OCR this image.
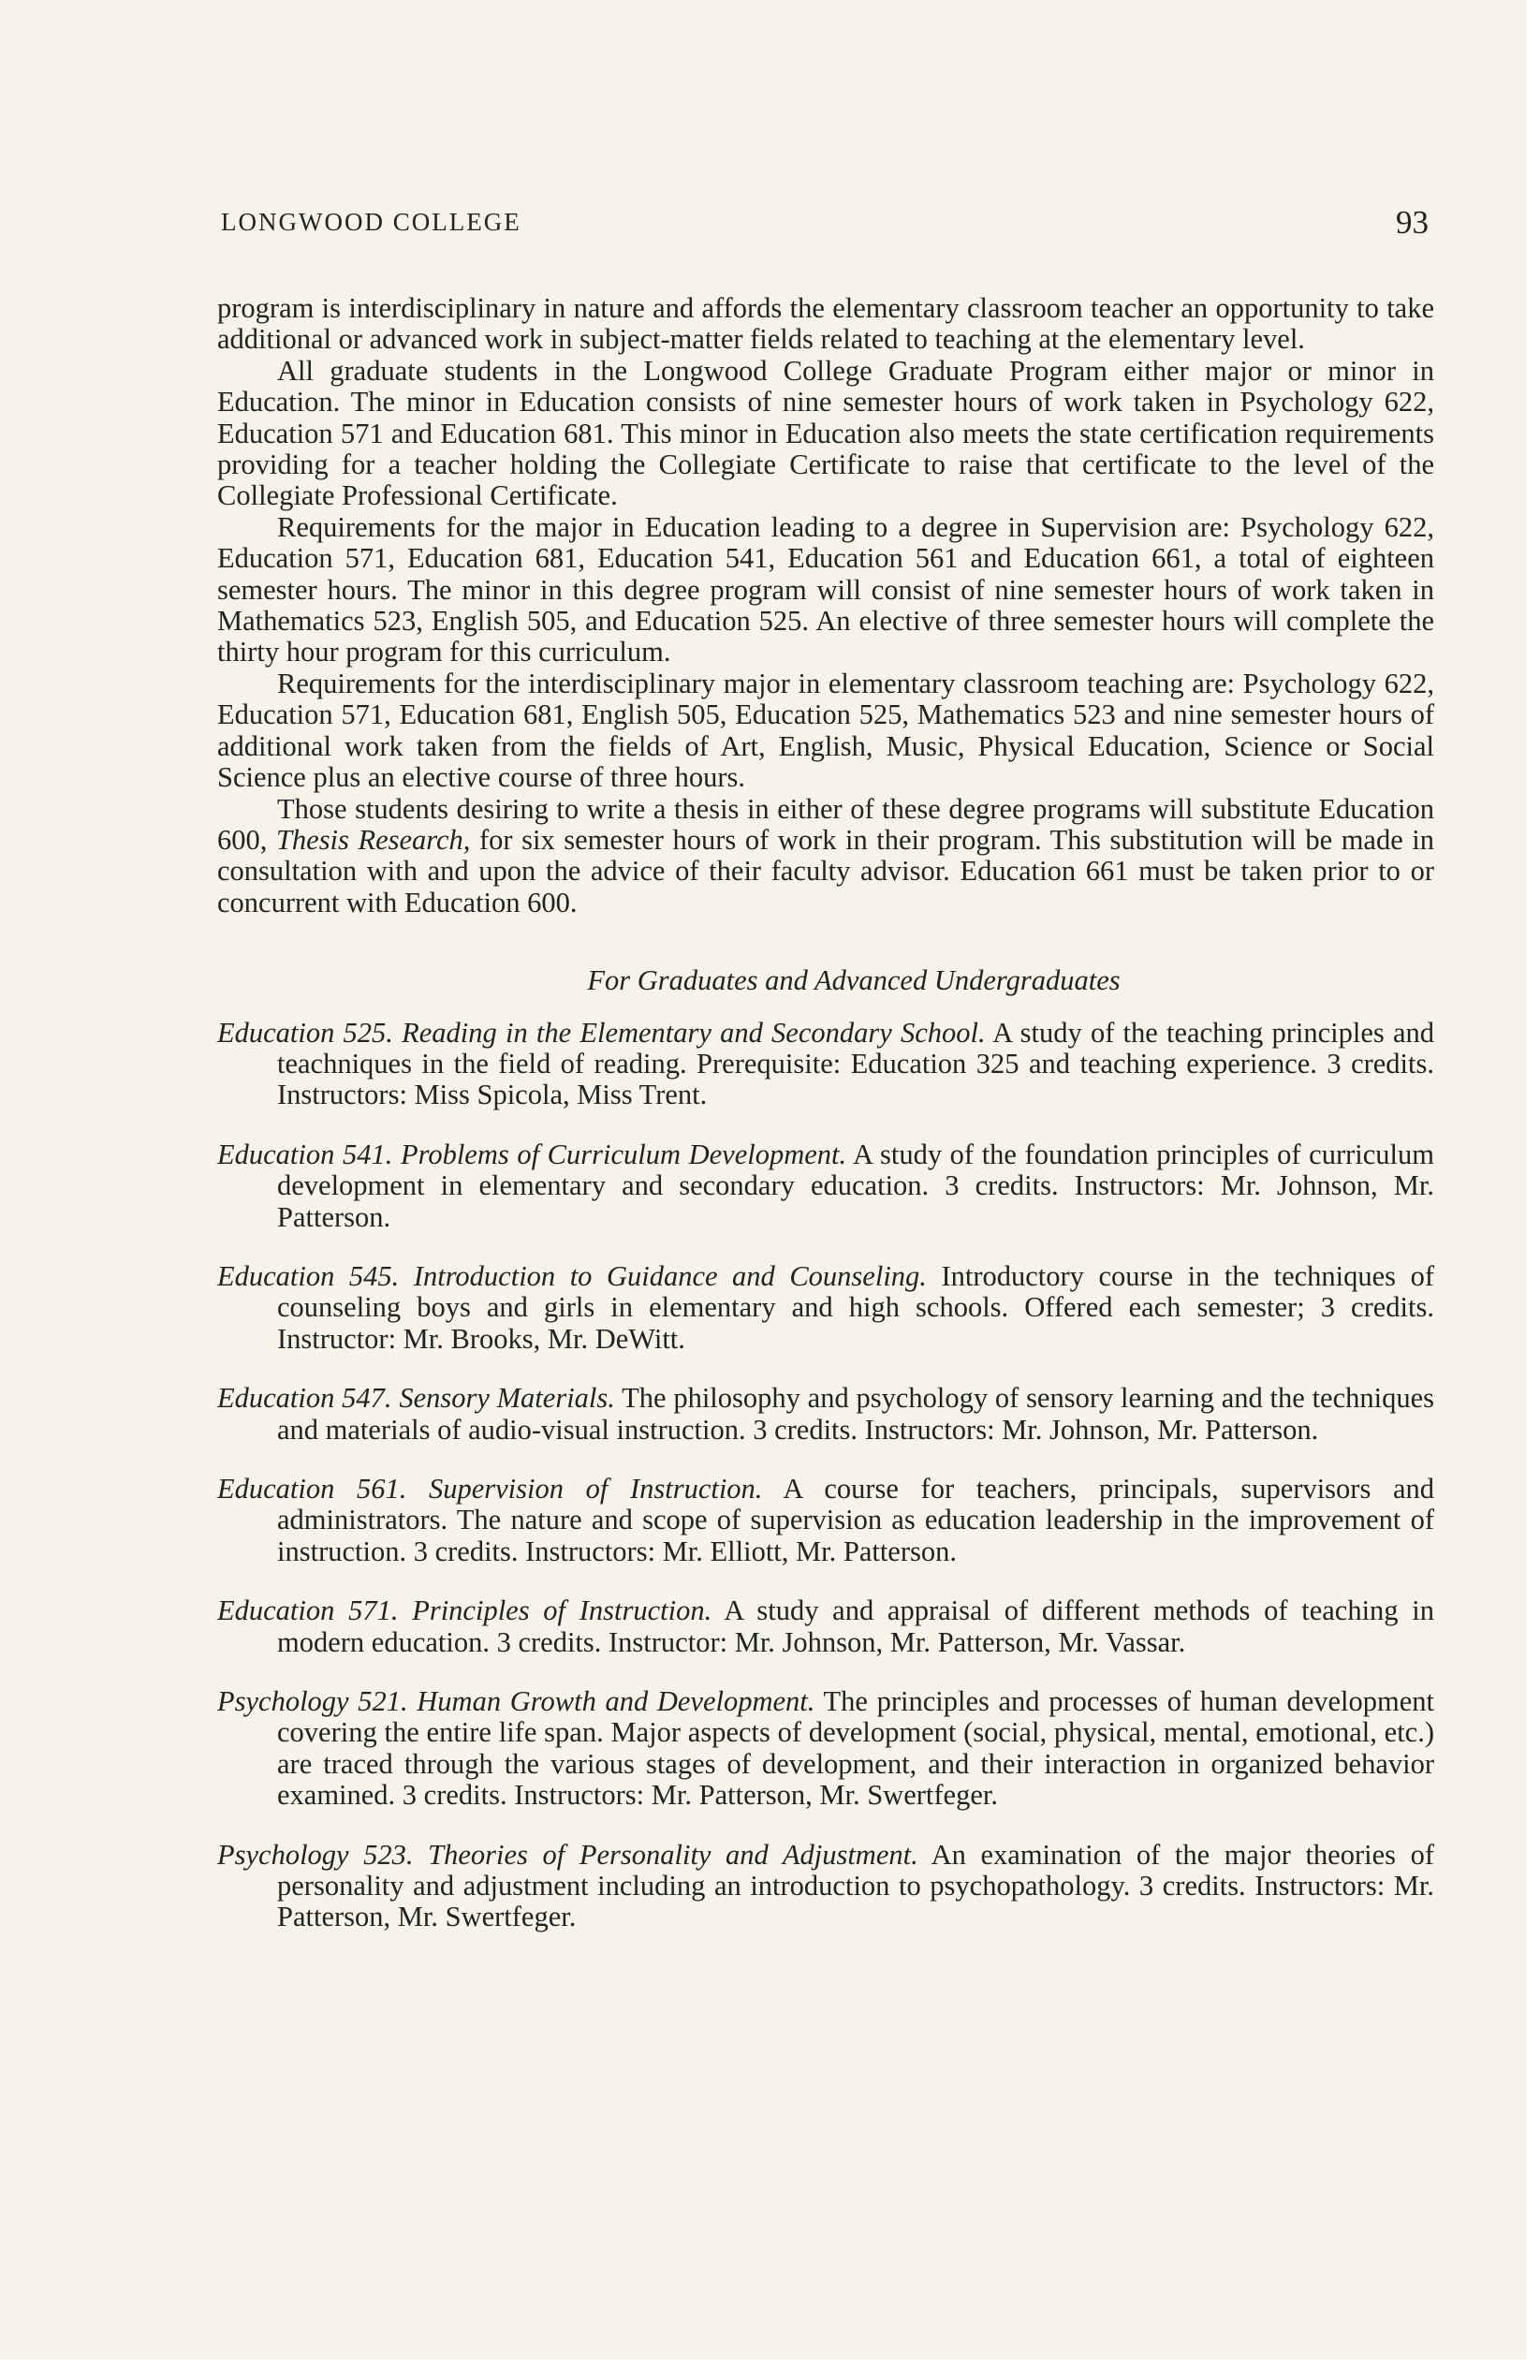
LONGWOOD COLLEGE	93

program is interdisciplinary in nature and affords the elementary classroom teacher an opportunity to take additional or advanced work in subject-matter fields related to teaching at the elementary level.

All graduate students in the Longwood College Graduate Program either major or minor in Education. The minor in Education consists of nine semester hours of work taken in Psychology 622, Education 571 and Education 681. This minor in Education also meets the state certification requirements providing for a teacher holding the Collegiate Certificate to raise that certificate to the level of the Collegiate Professional Certificate.

Requirements for the major in Education leading to a degree in Supervision are: Psychology 622, Education 571, Education 681, Education 541, Education 561 and Education 661, a total of eighteen semester hours. The minor in this degree program will consist of nine semester hours of work taken in Mathematics 523, English 505, and Education 525. An elective of three semester hours will complete the thirty hour program for this curriculum.

Requirements for the interdisciplinary major in elementary classroom teaching are: Psychology 622, Education 571, Education 681, English 505, Education 525, Mathematics 523 and nine semester hours of additional work taken from the fields of Art, English, Music, Physical Education, Science or Social Science plus an elective course of three hours.

Those students desiring to write a thesis in either of these degree programs will substitute Education 600, Thesis Research, for six semester hours of work in their program. This substitution will be made in consultation with and upon the advice of their faculty advisor. Education 661 must be taken prior to or concurrent with Education 600.

For Graduates and Advanced Undergraduates
Education 525. Reading in the Elementary and Secondary School. A study of the teaching principles and teachniques in the field of reading. Prerequisite: Education 325 and teaching experience. 3 credits. Instructors: Miss Spicola, Miss Trent.
Education 541. Problems of Curriculum Development. A study of the foundation principles of curriculum development in elementary and secondary education. 3 credits. Instructors: Mr. Johnson, Mr. Patterson.
Education 545. Introduction to Guidance and Counseling. Introductory course in the techniques of counseling boys and girls in elementary and high schools. Offered each semester; 3 credits. Instructor: Mr. Brooks, Mr. DeWitt.
Education 547. Sensory Materials. The philosophy and psychology of sensory learning and the techniques and materials of audio-visual instruction. 3 credits. Instructors: Mr. Johnson, Mr. Patterson.
Education 561. Supervision of Instruction. A course for teachers, principals, supervisors and administrators. The nature and scope of supervision as education leadership in the improvement of instruction. 3 credits. Instructors: Mr. Elliott, Mr. Patterson.
Education 571. Principles of Instruction. A study and appraisal of different methods of teaching in modern education. 3 credits. Instructor: Mr. Johnson, Mr. Patterson, Mr. Vassar.
Psychology 521. Human Growth and Development. The principles and processes of human development covering the entire life span. Major aspects of development (social, physical, mental, emotional, etc.) are traced through the various stages of development, and their interaction in organized behavior examined. 3 credits. Instructors: Mr. Patterson, Mr. Swertfeger.
Psychology 523. Theories of Personality and Adjustment. An examination of the major theories of personality and adjustment including an introduction to psychopathology. 3 credits. Instructors: Mr. Patterson, Mr. Swertfeger.
